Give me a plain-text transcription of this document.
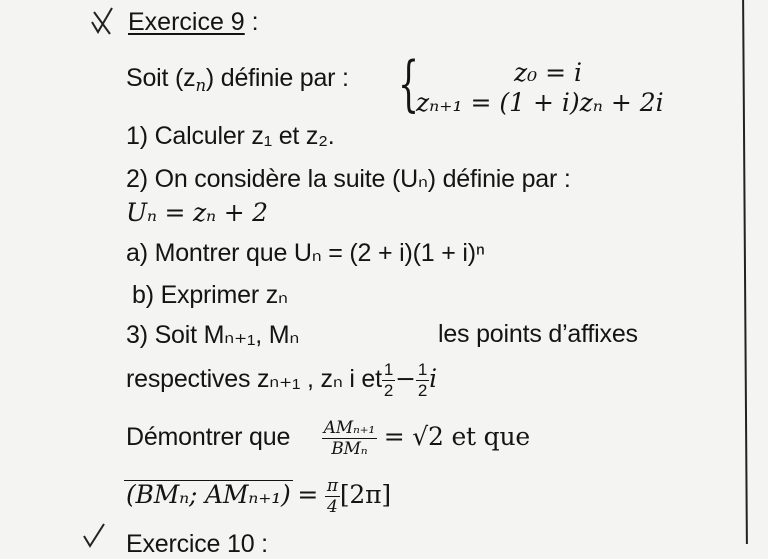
Exercice 9 :
Soit $(z_n)$ définie par : {	z₀ = i
zₙ₊₁ = (1 + i)zₙ + 2i
1) Calculer z₁ et z₂.
2) On considère la suite (Uₙ) définie par :
Uₙ = zₙ + 2
a) Montrer que Uₙ = (2 + i)(1 + i)ⁿ
b) Exprimer zₙ
3) Soit Mₙ₊₁, Mₙ	les points d’affixes
respectives zₙ₊₁ , zₙ i et $\frac{1}{2} - \frac{1}{2}$ i
Démontrer que $\frac{\text{AMₙ₊₁}}{\text{BMₙ}} = √2$ et que
(BMₙ; $AM_{n+1}) = \frac{\pi}{4} [2\pi]$
Exercice 10 :
